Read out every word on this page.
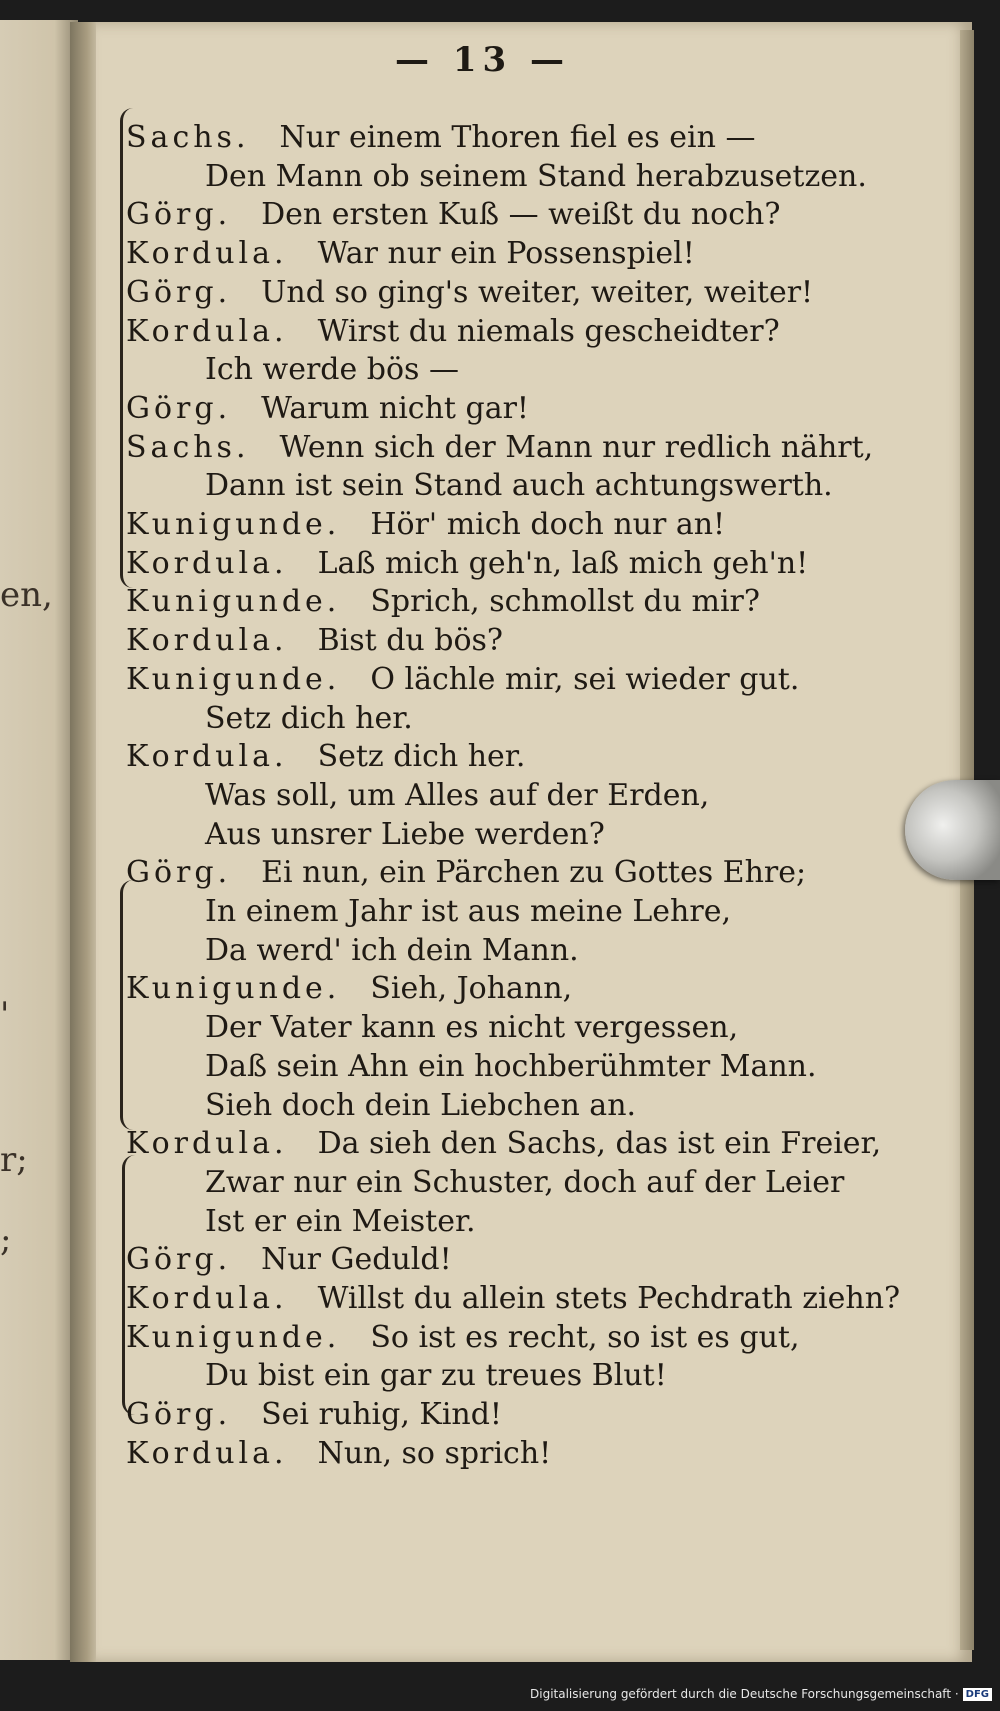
en,
r;
;
'
— 13 —
Sachs. Nur einem Thoren fiel es ein —
Den Mann ob seinem Stand herabzusetzen.
Görg. Den ersten Kuß — weißt du noch?
Kordula. War nur ein Possenspiel!
Görg. Und so ging's weiter, weiter, weiter!
Kordula. Wirst du niemals gescheidter?
Ich werde bös —
Görg. Warum nicht gar!
Sachs. Wenn sich der Mann nur redlich nährt,
Dann ist sein Stand auch achtungswerth.
Kunigunde. Hör' mich doch nur an!
Kordula. Laß mich geh'n, laß mich geh'n!
Kunigunde. Sprich, schmollst du mir?
Kordula. Bist du bös?
Kunigunde. O lächle mir, sei wieder gut.
Setz dich her.
Kordula. Setz dich her.
Was soll, um Alles auf der Erden,
Aus unsrer Liebe werden?
Görg. Ei nun, ein Pärchen zu Gottes Ehre;
In einem Jahr ist aus meine Lehre,
Da werd' ich dein Mann.
Kunigunde. Sieh, Johann,
Der Vater kann es nicht vergessen,
Daß sein Ahn ein hochberühmter Mann.
Sieh doch dein Liebchen an.
Kordula. Da sieh den Sachs, das ist ein Freier,
Zwar nur ein Schuster, doch auf der Leier
Ist er ein Meister.
Görg. Nur Geduld!
Kordula. Willst du allein stets Pechdrath ziehn?
Kunigunde. So ist es recht, so ist es gut,
Du bist ein gar zu treues Blut!
Görg. Sei ruhig, Kind!
Kordula. Nun, so sprich!
Digitalisierung gefördert durch die Deutsche Forschungsgemeinschaft · DFG
